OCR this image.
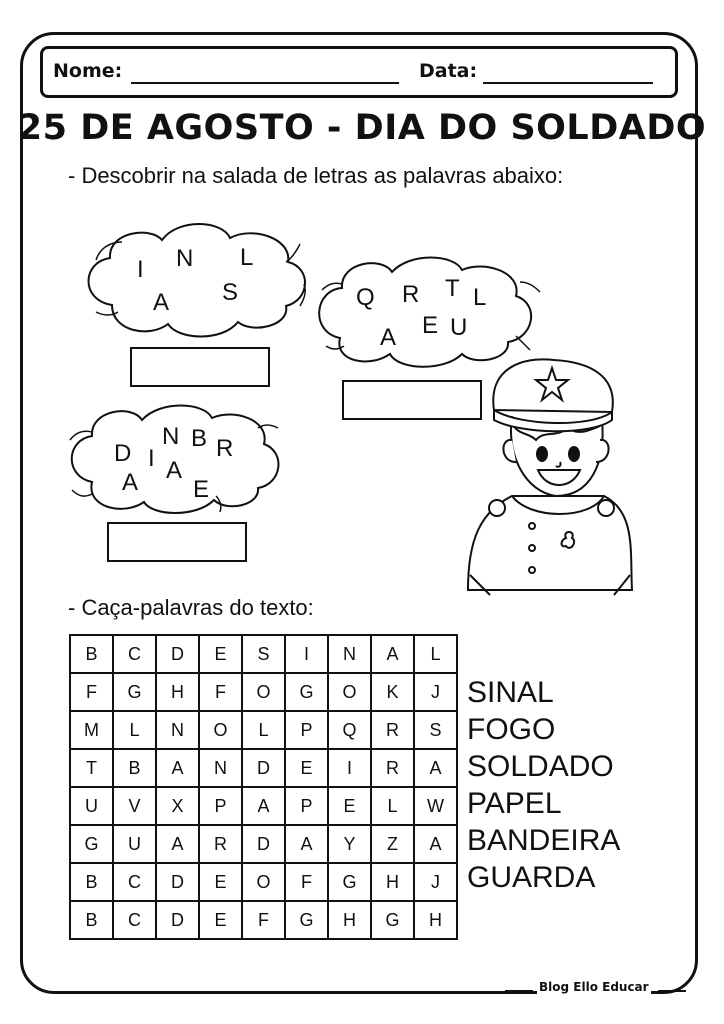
Nome:	Data:
25 DE AGOSTO - DIA DO SOLDADO
- Descobrir na salada de letras as palavras abaixo:
I N L
A S	Q R T L
A E U
D
N B R
I
A A
E
- Caça-palavras do texto:
B	C	D	E	S	I	N	A	L
F	G	H	F	O	G	O	K	J
M	L	N	O	L	P	Q	R	S
T	B	A	N	D	E	I	R	A
U	V	X	P	A	P	E	L	W
G	U	A	R	D	A	Y	Z	A
B	C	D	E	O	F	G	H	J
B	C	D	E	F	G	H	G	H
SINAL
FOGO
SOLDADO
PAPEL
BANDEIRA
GUARDA
Blog Ello Educar
